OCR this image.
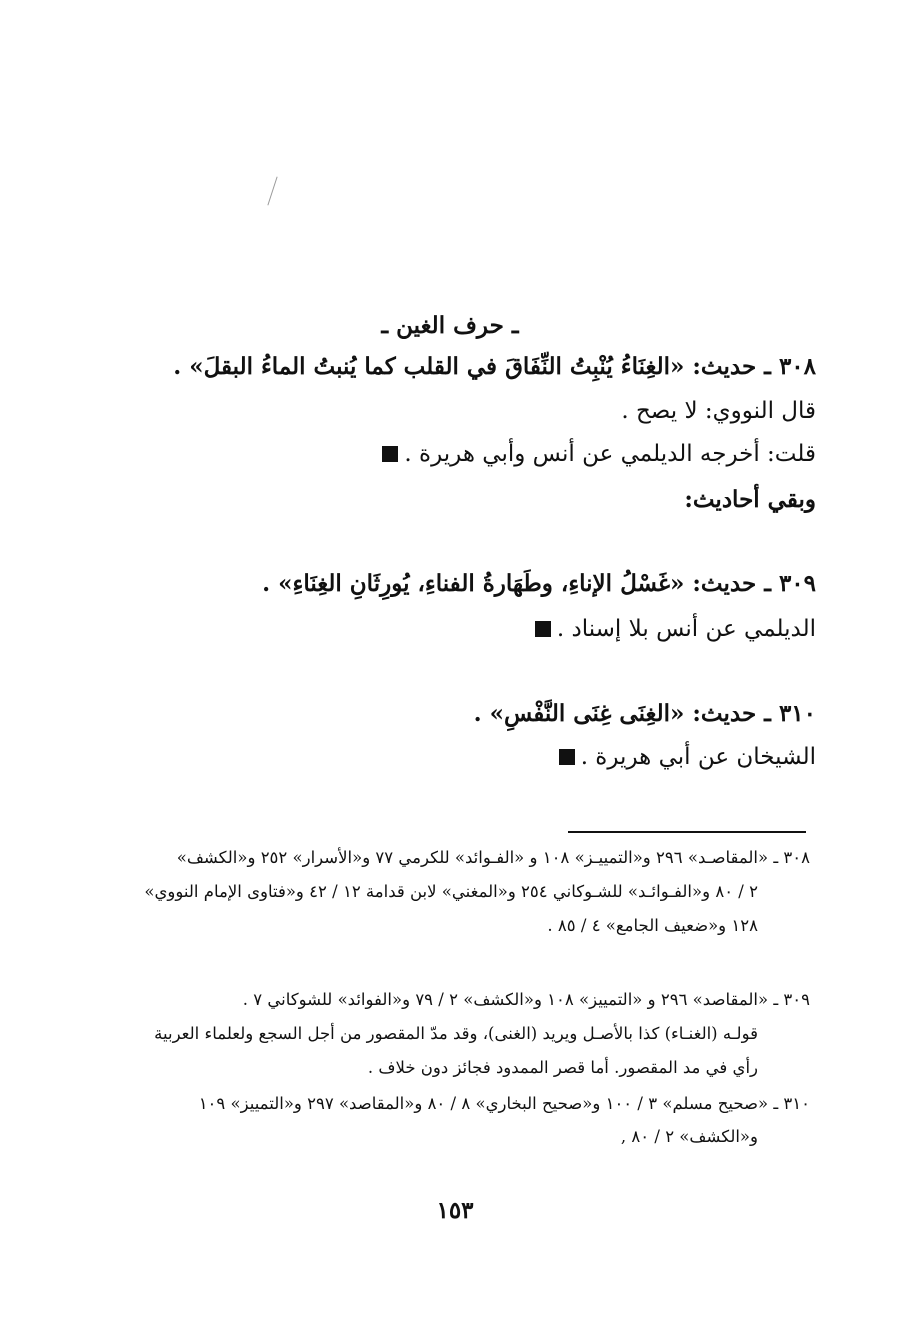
ـ حرف الغين ـ
٣٠٨ ـ حديث: «الغِنَاءُ يُنْبِتُ النِّفَاقَ في القلب كما يُنبتُ الماءُ البقلَ» .
قال النووي: لا يصح .
قلت: أخرجه الديلمي عن أنس وأبي هريرة .
وبقي أحاديث:
٣٠٩ ـ حديث: «غَسْلُ الإناءِ، وطَهَارةُ الفناءِ، يُورِثَانِ الغِنَاءِ» .
الديلمي عن أنس بلا إسناد .
٣١٠ ـ حديث: «الغِنَى غِنَى النَّفْسِ» .
الشيخان عن أبي هريرة .
٣٠٨ ـ «المقاصـد» ٢٩٦ و«التمييـز» ١٠٨ و «الفـوائد» للكرمي ٧٧ و«الأسرار» ٢٥٢ و«الكشف»
٢ / ٨٠ و«الفـوائـد» للشـوكاني ٢٥٤ و«المغني» لابن قدامة ١٢ / ٤٢ و«فتاوى الإمام النووي»
١٢٨ و«ضعيف الجامع» ٤ / ٨٥ .
٣٠٩ ـ «المقاصد» ٢٩٦ و «التمييز» ١٠٨ و«الكشف» ٢ / ٧٩ و«الفوائد» للشوكاني ٧ .
قولـه (الغنـاء) كذا بالأصـل ويريد (الغنى)، وقد مدّ المقصور من أجل السجع ولعلماء العربية
رأي في مد المقصور. أما قصر الممدود فجائز دون خلاف .
٣١٠ ـ «صحيح مسلم» ٣ / ١٠٠ و«صحيح البخاري» ٨ / ٨٠ و«المقاصد» ٢٩٧ و«التمييز» ١٠٩
و«الكشف» ٢ / ٨٠ ,
١٥٣
